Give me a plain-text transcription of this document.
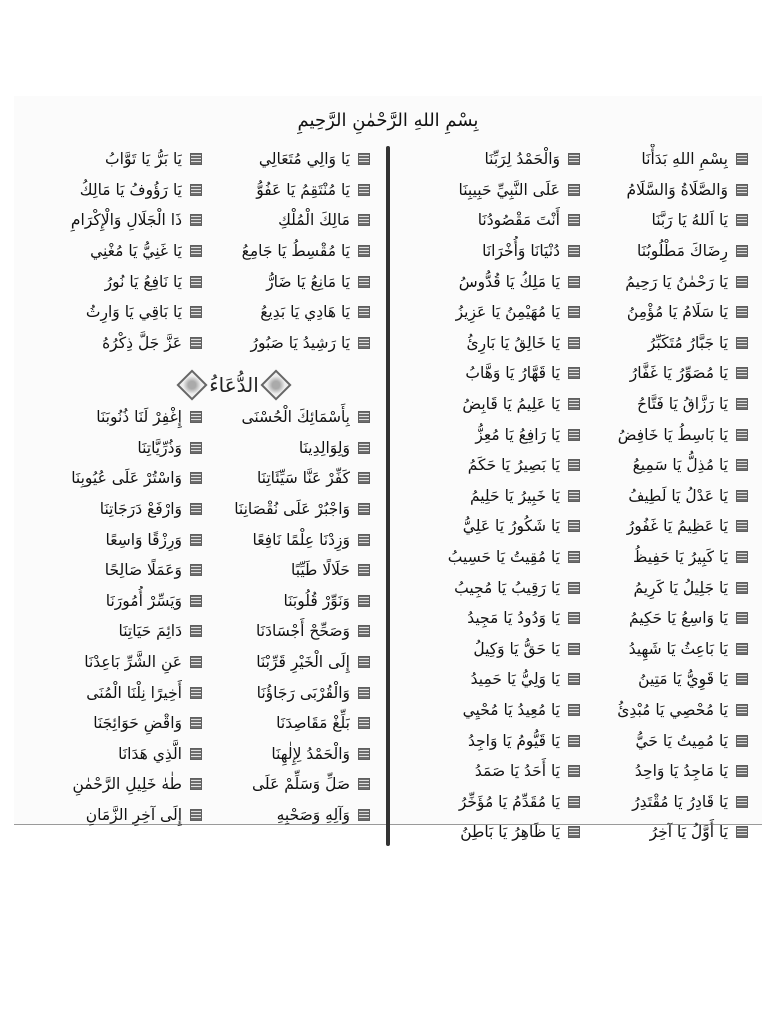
بِسْمِ اللهِ الرَّحْمٰنِ الرَّحِيمِ
بِسْمِ اللهِ بَدَأْنَا
وَالْحَمْدُ لِرَبِّنَا
وَالصَّلَاةُ وَالسَّلَامُ
عَلَى النَّبِيِّ حَبِيبِنَا
يَا اَللهُ يَا رَبَّنَا
أَنْتَ مَقْصُودُنَا
رِضَاكَ مَطْلُوبُنَا
دُنْيَانَا وَأُخْرَانَا
يَا رَحْمٰنُ يَا رَحِيمُ
يَا مَلِكُ يَا قُدُّوسُ
يَا سَلَامُ يَا مُؤْمِنُ
يَا مُهَيْمِنُ يَا عَزِيزُ
يَا جَبَّارُ مُتَكَبِّرُ
يَا خَالِقُ يَا بَارِئُ
يَا مُصَوِّرُ يَا غَفَّارُ
يَا قَهَّارُ يَا وَهَّابُ
يَا رَزَّاقُ يَا فَتَّاحُ
يَا عَلِيمُ يَا قَابِضُ
يَا بَاسِطُ يَا خَافِضُ
يَا رَافِعُ يَا مُعِزُّ
يَا مُذِلُّ يَا سَمِيعُ
يَا بَصِيرُ يَا حَكَمُ
يَا عَدْلُ يَا لَطِيفُ
يَا خَبِيرُ يَا حَلِيمُ
يَا عَظِيمُ يَا غَفُورُ
يَا شَكُورُ يَا عَلِيُّ
يَا كَبِيرُ يَا حَفِيظُ
يَا مُقِيتُ يَا حَسِيبُ
يَا جَلِيلُ يَا كَرِيمُ
يَا رَقِيبُ يَا مُجِيبُ
يَا وَاسِعُ يَا حَكِيمُ
يَا وَدُودُ يَا مَجِيدُ
يَا بَاعِثُ يَا شَهِيدُ
يَا حَقُّ يَا وَكِيلُ
يَا قَوِيُّ يَا مَتِينُ
يَا وَلِيُّ يَا حَمِيدُ
يَا مُحْصِي يَا مُبْدِئُ
يَا مُعِيدُ يَا مُحْيِي
يَا مُمِيتُ يَا حَيُّ
يَا قَيُّومُ يَا وَاجِدُ
يَا مَاجِدُ يَا وَاحِدُ
يَا أَحَدُ يَا صَمَدُ
يَا قَادِرُ يَا مُقْتَدِرُ
يَا مُقَدِّمُ يَا مُؤَخِّرُ
يَا أَوَّلُ يَا آخِرُ
يَا ظَاهِرُ يَا بَاطِنُ
يَا وَالِي مُتَعَالِي
يَا بَرُّ يَا تَوَّابُ
يَا مُنْتَقِمُ يَا عَفُوُّ
يَا رَؤُوفُ يَا مَالِكُ
مَالِكَ الْمُلْكِ
ذَا الْجَلَالِ وَالْإِكْرَامِ
يَا مُقْسِطُ يَا جَامِعُ
يَا غَنِيُّ يَا مُغْنِي
يَا مَانِعُ يَا ضَارُّ
يَا نَافِعُ يَا نُورُ
يَا هَادِي يَا بَدِيعُ
يَا بَاقِي يَا وَارِثُ
يَا رَشِيدُ يَا صَبُورُ
عَزَّ جَلَّ ذِكْرُهُ
الدُّعَاءُ
بِأَسْمَائِكَ الْحُسْنَى
إِغْفِرْ لَنَا ذُنُوبَنَا
وَلِوَالِدِينَا
وَذُرِّيَّاتِنَا
كَفِّرْ عَنَّا سَيِّئَاتِنَا
وَاسْتُرْ عَلَى عُيُوبِنَا
وَاجْبُرْ عَلَى نُقْصَانِنَا
وَارْفَعْ دَرَجَاتِنَا
وَزِدْنَا عِلْمًا نَافِعًا
وَرِزْقًا وَاسِعًا
حَلَالًا طَيِّبًا
وَعَمَلًا صَالِحًا
وَنَوِّرْ قُلُوبَنَا
وَيَسِّرْ أُمُورَنَا
وَصَحِّحْ أَجْسَادَنَا
دَائِمَ حَيَاتِنَا
إِلَى الْخَيْرِ قَرِّبْنَا
عَنِ الشَّرِّ بَاعِدْنَا
وَالْقُرْبَى رَجَاؤُنَا
أَخِيرًا نِلْنَا الْمُنَى
بَلِّغْ مَقَاصِدَنَا
وَاقْضِ حَوَائِجَنَا
وَالْحَمْدُ لِإِلٰهِنَا
الَّذِي هَدَانَا
صَلِّ وَسَلِّمْ عَلَى
طٰهٰ خَلِيلِ الرَّحْمٰنِ
وَآلِهِ وَصَحْبِهِ
إِلَى آخِرِ الزَّمَانِ
